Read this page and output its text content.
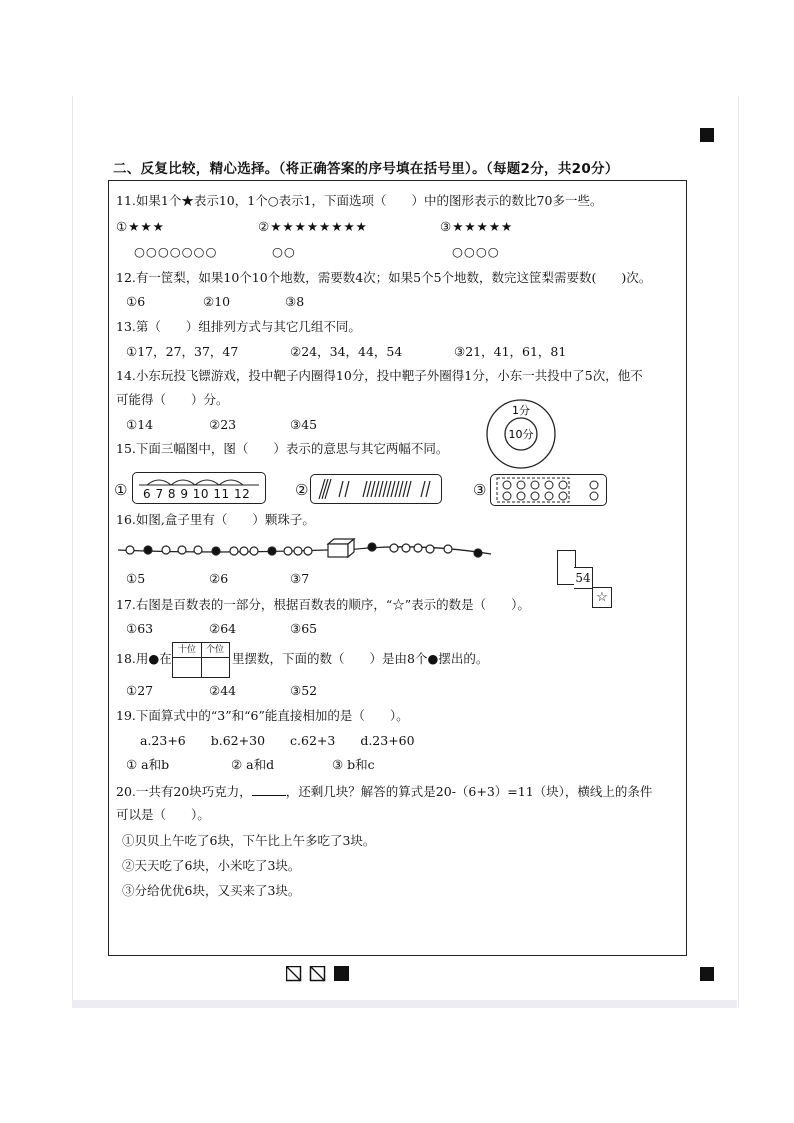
二、反复比较，精心选择。（将正确答案的序号填在括号里）。（每题2分，共20分）
11.如果1个★表示10，1个○表示1，下面选项（　　）中的图形表示的数比70多一些。
①★★★	②★★★★★★★★	③★★★★★
○○○○○○○	○○	○○○○
12.有一筐梨，如果10个10个地数，需要数4次；如果5个5个地数，数完这筐梨需要数(　　)次。
①6	②10	③8
13.第（　　）组排列方式与其它几组不同。
①17，27，37，47	②24，34，44，54	③21，41，61，81
14.小东玩投飞镖游戏，投中靶子内圈得10分，投中靶子外圈得1分，小东一共投中了5次，他不
可能得（　　）分。
①14	②23	③45
1分
10分
15.下面三幅图中，图（　　）表示的意思与其它两幅不同。
① 6 7 8 9 10 11 12	②	③
16.如图,盒子里有（　　）颗珠子。
①5	②6	③7	54
☆
17.右图是百数表的一部分，根据百数表的顺序，“☆”表示的数是（　　）。
①63	②64	③65
18.用●在
十位	个位
里摆数，下面的数（　　）是由8个●摆出的。
①27	②44	③52
19.下面算式中的“3”和“6”能直接相加的是（　　）。
a.23+6　　b.62+30　　c.62+3　　d.23+60
① a和b	② a和d	③ b和c
20.一共有20块巧克力，	，还剩几块？解答的算式是20-（6+3）=11（块），横线上的条件
可以是（　　）。
①贝贝上午吃了6块，下午比上午多吃了3块。
②天天吃了6块，小米吃了3块。
③分给优优6块，又买来了3块。
